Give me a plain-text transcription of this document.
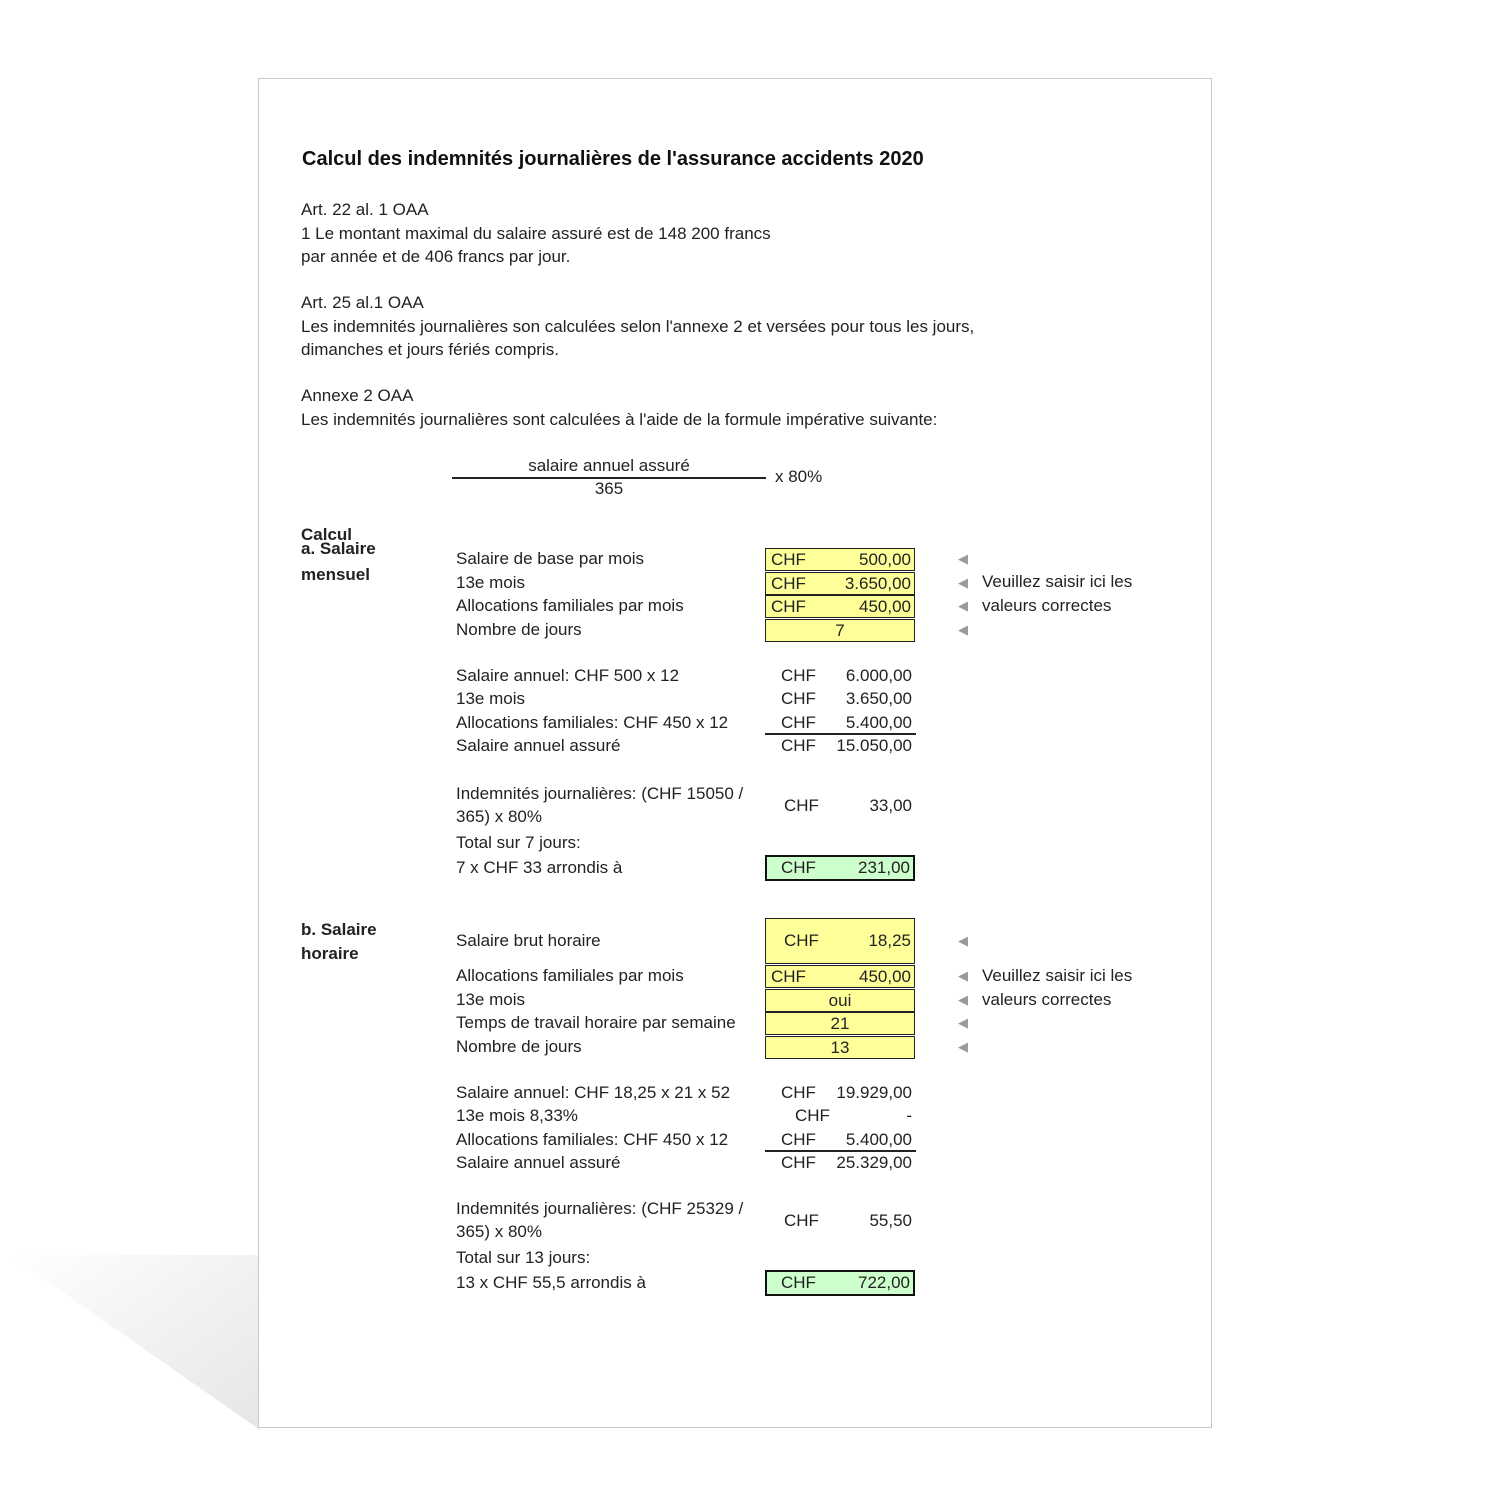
Calcul des indemnités journalières de l'assurance accidents 2020
Art. 22 al. 1 OAA
1 Le montant maximal du salaire assuré est de 148 200 francs
par année et de 406 francs par jour.
Art. 25 al.1 OAA
Les indemnités journalières son calculées selon l'annexe 2 et versées pour tous les jours,
dimanches et jours fériés compris.
Annexe 2 OAA
Les indemnités journalières sont calculées à l'aide de la formule impérative suivante:
salaire annuel assuré
365
x 80%
Calcul
a. Salaire mensuel
Salaire de base par mois	CHF	500,00	◀
13e mois	CHF 3.650,00	◀
Allocations familiales par mois	CHF	450,00	◀
Nombre de jours	7	◀
Salaire annuel: CHF 500 x 12	CHF 6.000,00
13e mois	CHF 3.650,00
Allocations familiales: CHF 450 x 12	CHF 5.400,00
Salaire annuel assuré	CHF 15.050,00
Indemnités journalières: (CHF 15050 /
365) x 80%
CHF	33,00
Total sur 7 jours:
7 x CHF 33 arrondis à	CHF 231,00
Salaire brut horaire	CHF	18,25	◀
Allocations familiales par mois	CHF	450,00	◀
13e mois	oui	◀
Temps de travail horaire par semaine	21	◀
Nombre de jours	13	◀
Salaire annuel: CHF 18,25 x 21 x 52	CHF 19.929,00
13e mois 8,33%	CHF	-
Allocations familiales: CHF 450 x 12	CHF 5.400,00
Salaire annuel assuré	CHF 25.329,00
Indemnités journalières: (CHF 25329 /
365) x 80%
CHF	55,50
Total sur 13 jours:
13 x CHF 55,5 arrondis à	CHF 722,00
Veuillez saisir ici les
valeurs correctes
Veuillez saisir ici les
valeurs correctes
b. Salaire
horaire
